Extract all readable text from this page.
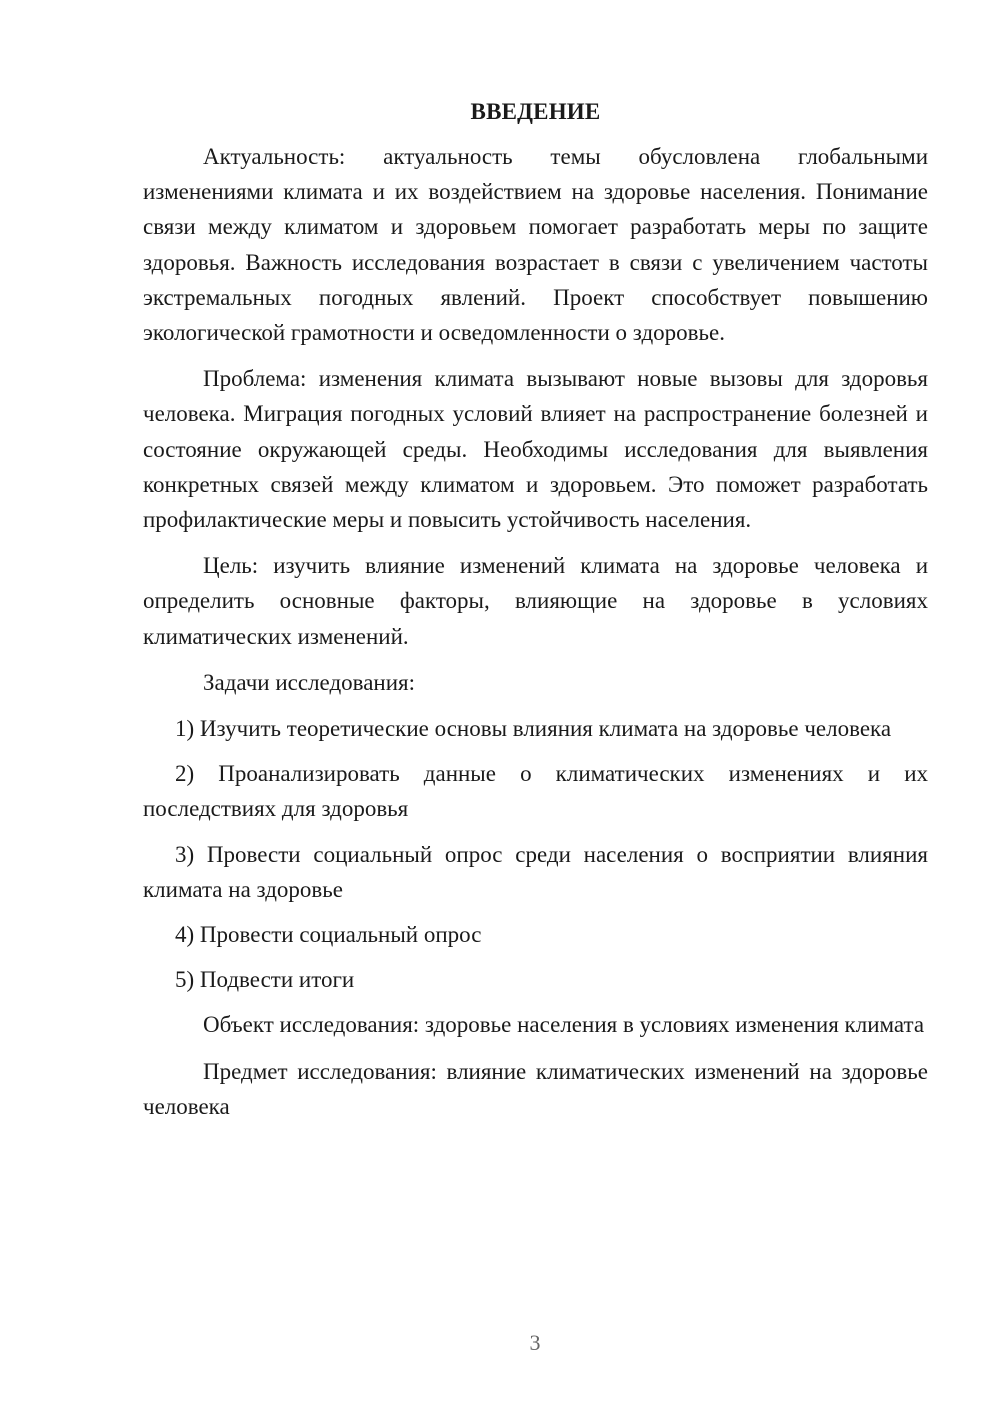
ВВЕДЕНИЕ

Актуальность: актуальность темы обусловлена глобальными изменениями климата и их воздействием на здоровье населения. Понимание связи между климатом и здоровьем помогает разработать меры по защите здоровья. Важность исследования возрастает в связи с увеличением частоты экстремальных погодных явлений. Проект способствует повышению экологической грамотности и осведомленности о здоровье.

Проблема: изменения климата вызывают новые вызовы для здоровья человека. Миграция погодных условий влияет на распространение болезней и состояние окружающей среды. Необходимы исследования для выявления конкретных связей между климатом и здоровьем. Это поможет разработать профилактические меры и повысить устойчивость населения.

Цель: изучить влияние изменений климата на здоровье человека и определить основные факторы, влияющие на здоровье в условиях климатических изменений.

Задачи исследования:

1) Изучить теоретические основы влияния климата на здоровье человека

2) Проанализировать данные о климатических изменениях и их последствиях для здоровья

3) Провести социальный опрос среди населения о восприятии влияния климата на здоровье

4) Провести социальный опрос

5) Подвести итоги

Объект исследования: здоровье населения в условиях изменения климата

Предмет исследования: влияние климатических изменений на здоровье человека

3
